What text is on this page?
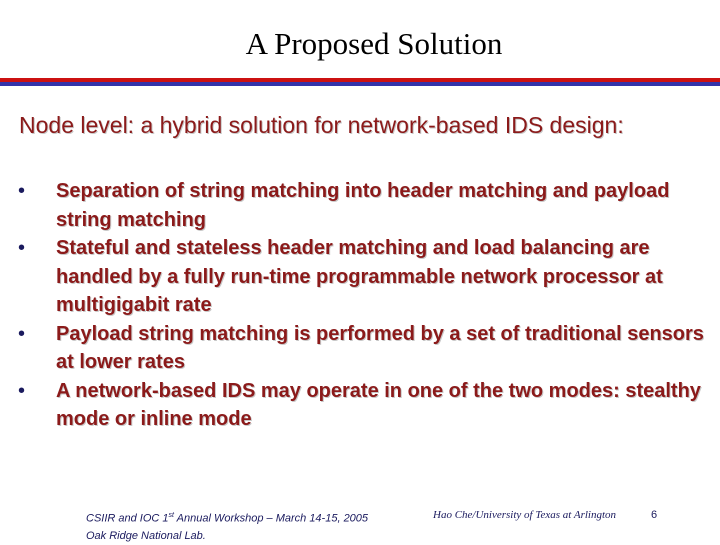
A Proposed Solution
Node level: a hybrid solution for network-based IDS design:
•	Separation of string matching into header matching and payload string matching
•	Stateful and stateless header matching and load balancing are handled by a fully run-time programmable network processor at multigigabit rate
•	Payload string matching is performed by a set of traditional sensors at lower rates
•	A network-based IDS may operate in one of the two modes: stealthy mode or inline mode
CSIIR and IOC 1st Annual Workshop – March 14-15, 2005
Oak Ridge National Lab.
Hao Che/University of Texas at Arlington	6
